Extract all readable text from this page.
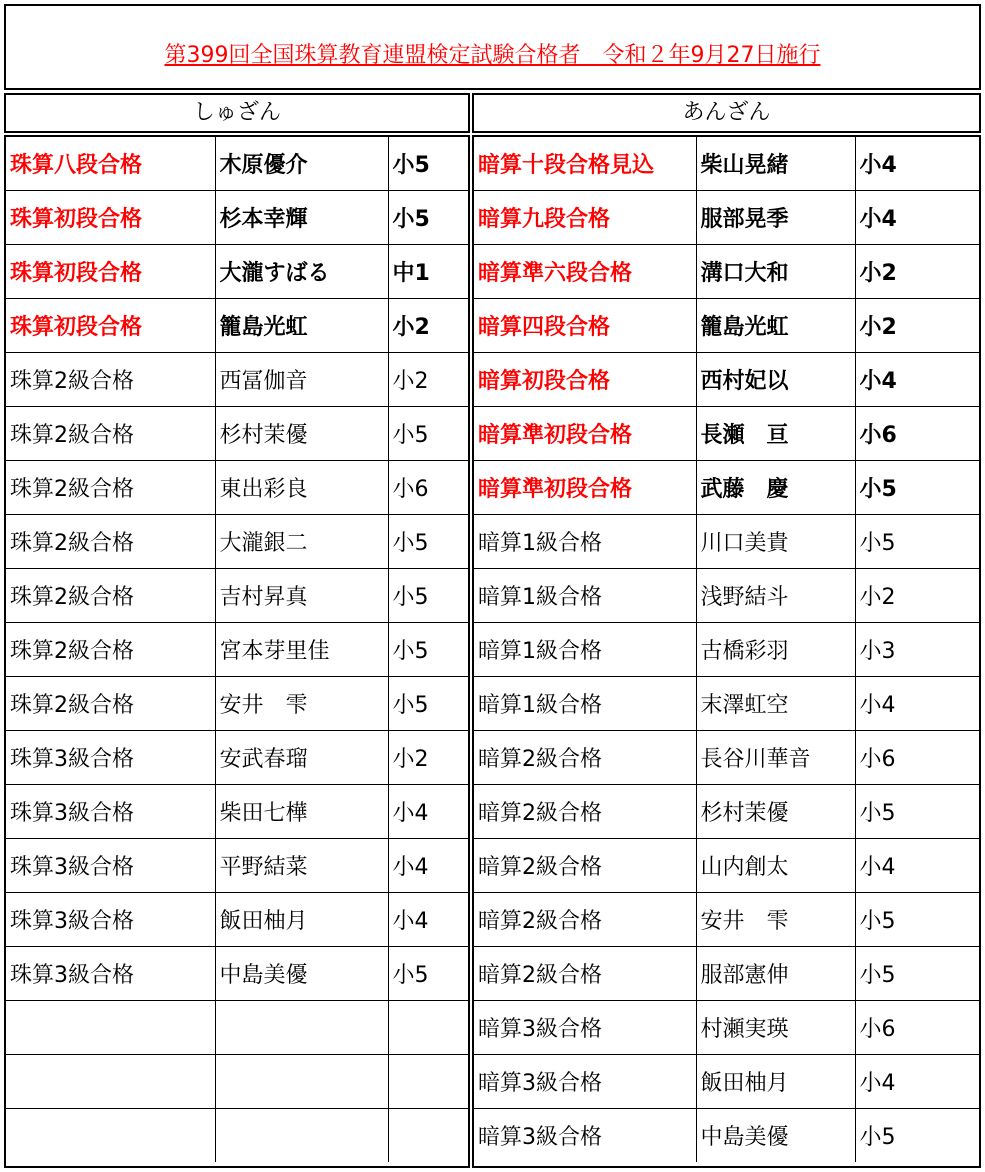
第399回全国珠算教育連盟検定試験合格者　令和２年9月27日施行
しゅざん	あんざん
珠算八段合格	木原優介	小5
珠算初段合格	杉本幸輝	小5
珠算初段合格	大瀧すばる	中1
珠算初段合格	籠島光虹	小2
珠算2級合格	西冨伽音	小2
珠算2級合格	杉村茉優	小5
珠算2級合格	東出彩良	小6
珠算2級合格	大瀧銀二	小5
珠算2級合格	吉村昇真	小5
珠算2級合格	宮本芽里佳	小5
珠算2級合格	安井　雫	小5
珠算3級合格	安武春瑠	小2
珠算3級合格	柴田七樺	小4
珠算3級合格	平野結菜	小4
珠算3級合格	飯田柚月	小4
珠算3級合格	中島美優	小5

暗算十段合格見込	柴山晃緒	小4
暗算九段合格	服部晃季	小4
暗算準六段合格	溝口大和	小2
暗算四段合格	籠島光虹	小2
暗算初段合格	西村妃以	小4
暗算準初段合格	長瀬　亘	小6
暗算準初段合格	武藤　慶	小5
暗算1級合格	川口美貴	小5
暗算1級合格	浅野結斗	小2
暗算1級合格	古橋彩羽	小3
暗算1級合格	末澤虹空	小4
暗算2級合格	長谷川華音	小6
暗算2級合格	杉村茉優	小5
暗算2級合格	山内創太	小4
暗算2級合格	安井　雫	小5
暗算2級合格	服部憲伸	小5
暗算3級合格	村瀬実瑛	小6
暗算3級合格	飯田柚月	小4
暗算3級合格	中島美優	小5
